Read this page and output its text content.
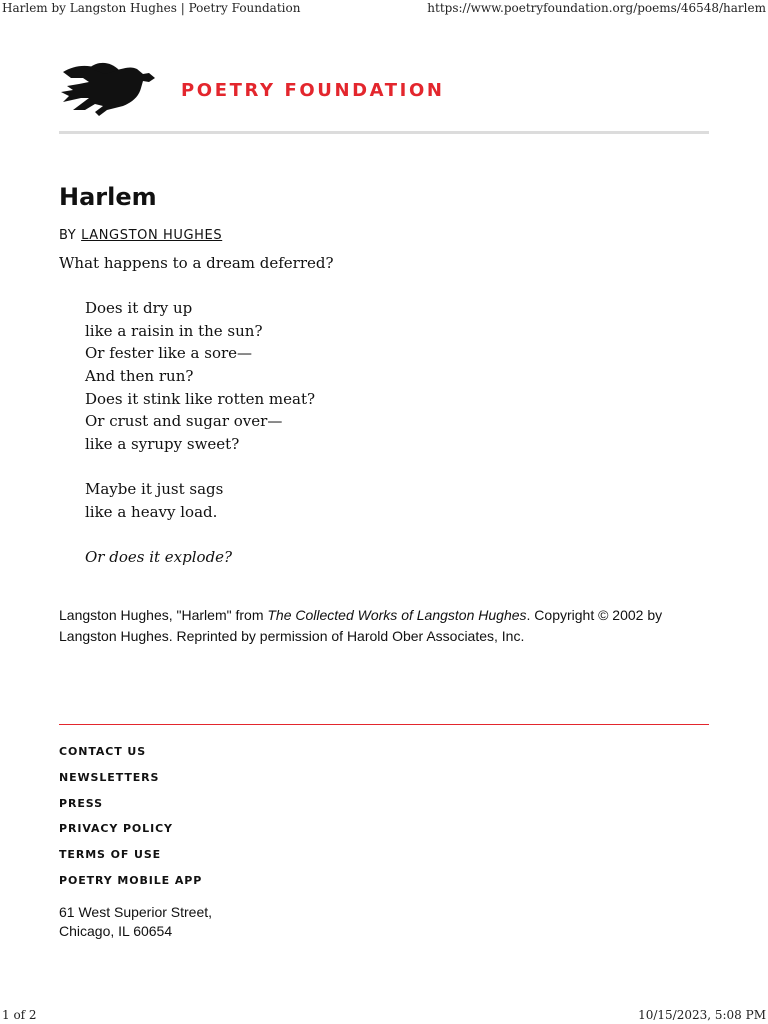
Harlem by Langston Hughes | Poetry Foundation	https://www.poetryfoundation.org/poems/46548/harlem
POETRY FOUNDATION
Harlem
BY LANGSTON HUGHES
What happens to a dream deferred?
Does it dry up
like a raisin in the sun?
Or fester like a sore—
And then run?
Does it stink like rotten meat?
Or crust and sugar over—
like a syrupy sweet?
Maybe it just sags
like a heavy load.
Or does it explode?

Langston Hughes, "Harlem" from The Collected Works of Langston Hughes. Copyright © 2002 by Langston Hughes. Reprinted by permission of Harold Ober Associates, Inc.

CONTACT US
NEWSLETTERS
PRESS
PRIVACY POLICY
TERMS OF USE
POETRY MOBILE APP
61 West Superior Street,
Chicago, IL 60654
1 of 2	10/15/2023, 5:08 PM
